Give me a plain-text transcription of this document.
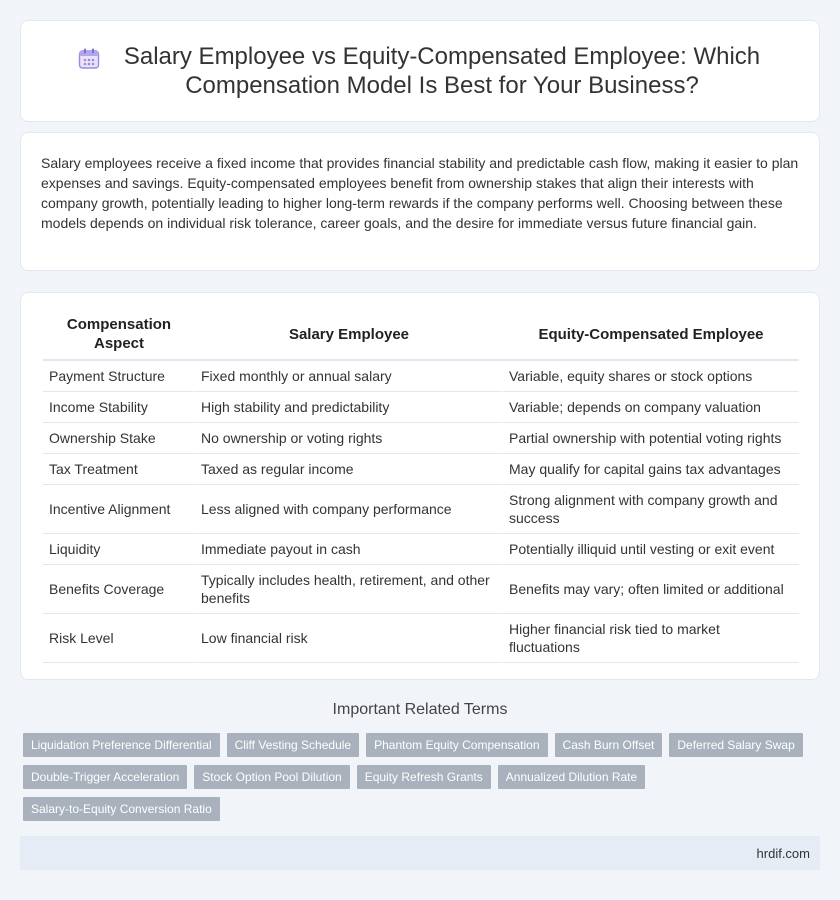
Salary Employee vs Equity-Compensated Employee: Which Compensation Model Is Best for Your Business?

Salary employees receive a fixed income that provides financial stability and predictable cash flow, making it easier to plan expenses and savings. Equity-compensated employees benefit from ownership stakes that align their interests with company growth, potentially leading to higher long-term rewards if the company performs well. Choosing between these models depends on individual risk tolerance, career goals, and the desire for immediate versus future financial gain.

Compensation Aspect	Salary Employee	Equity-Compensated Employee
Payment Structure	Fixed monthly or annual salary	Variable, equity shares or stock options
Income Stability	High stability and predictability	Variable; depends on company valuation
Ownership Stake	No ownership or voting rights	Partial ownership with potential voting rights
Tax Treatment	Taxed as regular income	May qualify for capital gains tax advantages
Incentive Alignment	Less aligned with company performance	Strong alignment with company growth and success
Liquidity	Immediate payout in cash	Potentially illiquid until vesting or exit event
Benefits Coverage	Typically includes health, retirement, and other benefits	Benefits may vary; often limited or additional
Risk Level	Low financial risk	Higher financial risk tied to market fluctuations
Important Related Terms
Liquidation Preference Differential	Cliff Vesting Schedule	Phantom Equity Compensation	Cash Burn Offset	Deferred Salary Swap
Double-Trigger Acceleration	Stock Option Pool Dilution	Equity Refresh Grants	Annualized Dilution Rate
Salary-to-Equity Conversion Ratio
hrdif.com
